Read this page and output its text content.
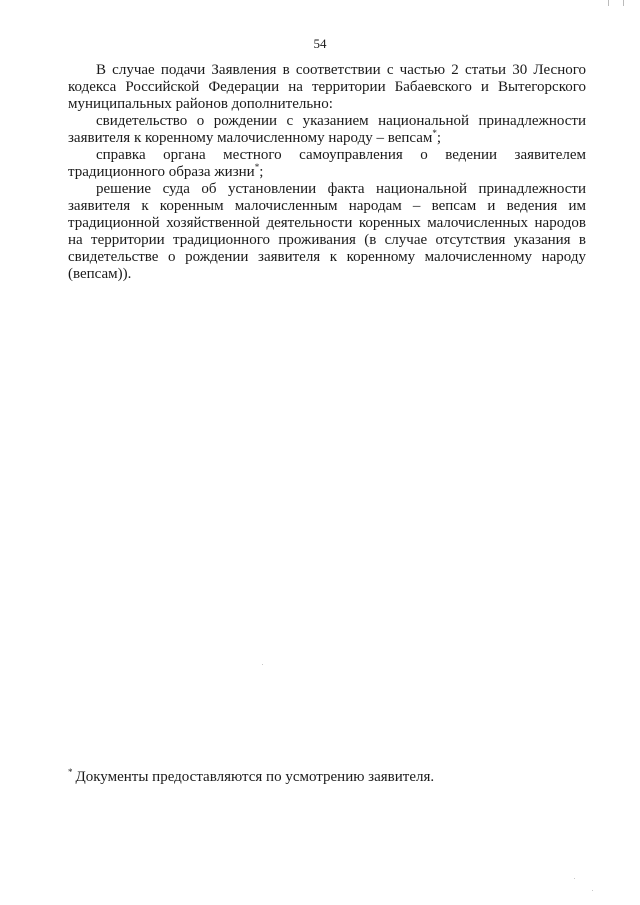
54

В случае подачи Заявления в соответствии с частью 2 статьи 30 Лесного кодекса Российской Федерации на территории Бабаевского и Вытегорского муниципальных районов дополнительно:

свидетельство о рождении с указанием национальной принадлежности заявителя к коренному малочисленному народу – вепсам*;

справка органа местного самоуправления о ведении заявителем традиционного образа жизни*;

решение суда об установлении факта национальной принадлежности заявителя к коренным малочисленным народам – вепсам и ведения им традиционной хозяйственной деятельности коренных малочисленных народов на территории традиционного проживания (в случае отсутствия указания в свидетельстве о рождении заявителя к коренному малочисленному народу (вепсам)).

* Документы предоставляются по усмотрению заявителя.
